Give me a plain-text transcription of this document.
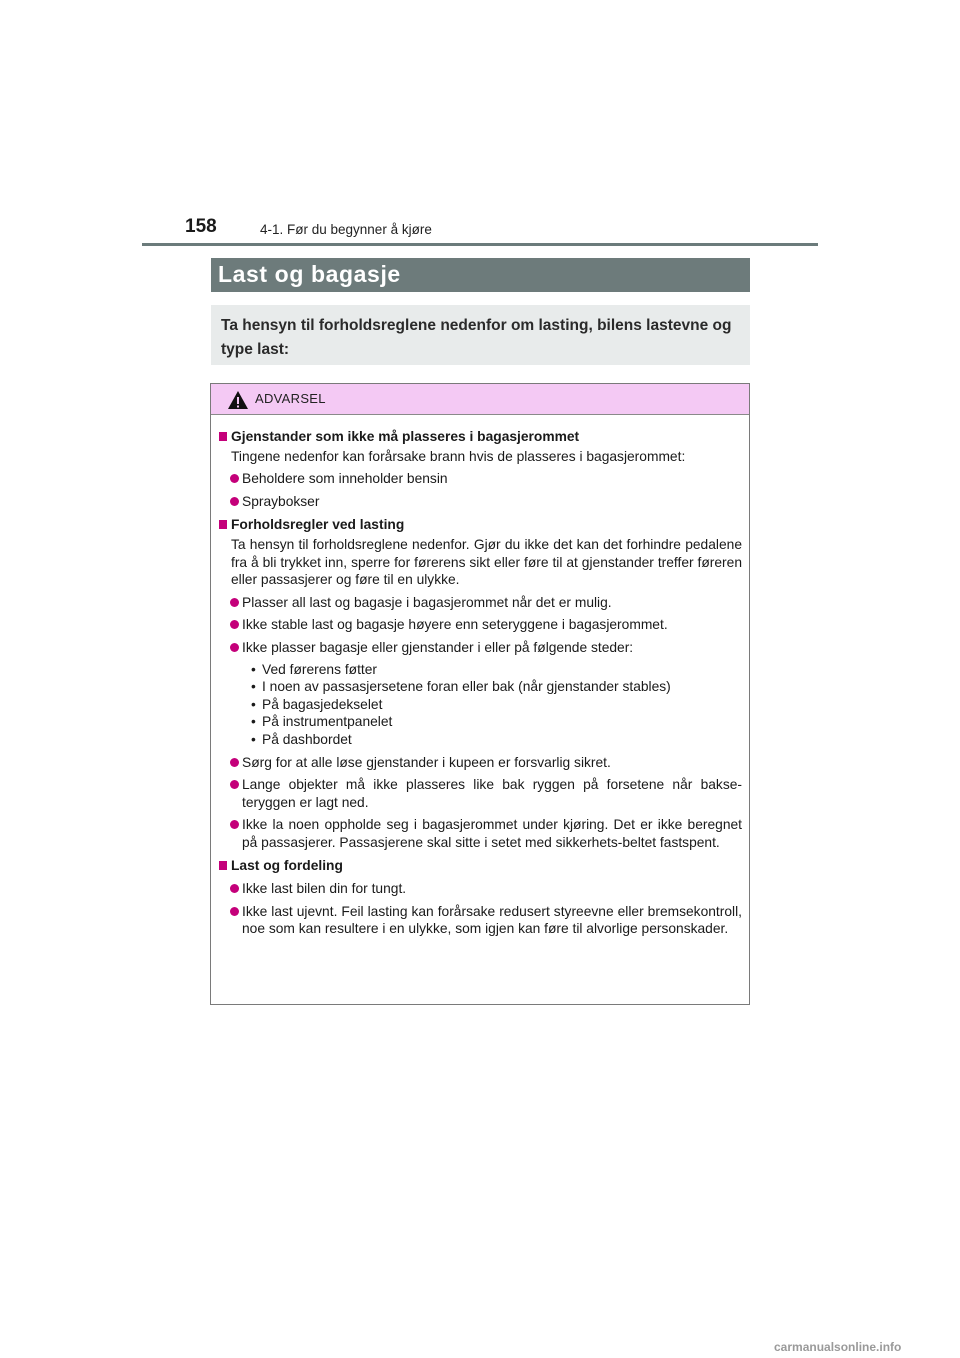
158	4-1. Før du begynner å kjøre
Last og bagasje
Ta hensyn til forholdsreglene nedenfor om lasting, bilens lastevne og type last:
ADVARSEL
Gjenstander som ikke må plasseres i bagasjerommet
Tingene nedenfor kan forårsake brann hvis de plasseres i bagasjerommet:
Beholdere som inneholder bensin
Spraybokser
Forholdsregler ved lasting
Ta hensyn til forholdsreglene nedenfor. Gjør du ikke det kan det forhindre pedalene fra å bli trykket inn, sperre for førerens sikt eller føre til at gjenstander treffer føreren eller passasjerer og føre til en ulykke.
Plasser all last og bagasje i bagasjerommet når det er mulig.
Ikke stable last og bagasje høyere enn seteryggene i bagasjerommet.
Ikke plasser bagasje eller gjenstander i eller på følgende steder:
• Ved førerens føtter
• I noen av passasjersetene foran eller bak (når gjenstander stables)
• På bagasjedekselet
• På instrumentpanelet
• På dashbordet
Sørg for at alle løse gjenstander i kupeen er forsvarlig sikret.
Lange objekter må ikke plasseres like bak ryggen på forsetene når bakse-teryggen er lagt ned.
Ikke la noen oppholde seg i bagasjerommet under kjøring. Det er ikke beregnet på passasjerer. Passasjerene skal sitte i setet med sikkerhets-beltet fastspent.
Last og fordeling
Ikke last bilen din for tungt.
Ikke last ujevnt. Feil lasting kan forårsake redusert styreevne eller bremsekontroll, noe som kan resultere i en ulykke, som igjen kan føre til alvorlige personskader.
carmanualsonline.info
